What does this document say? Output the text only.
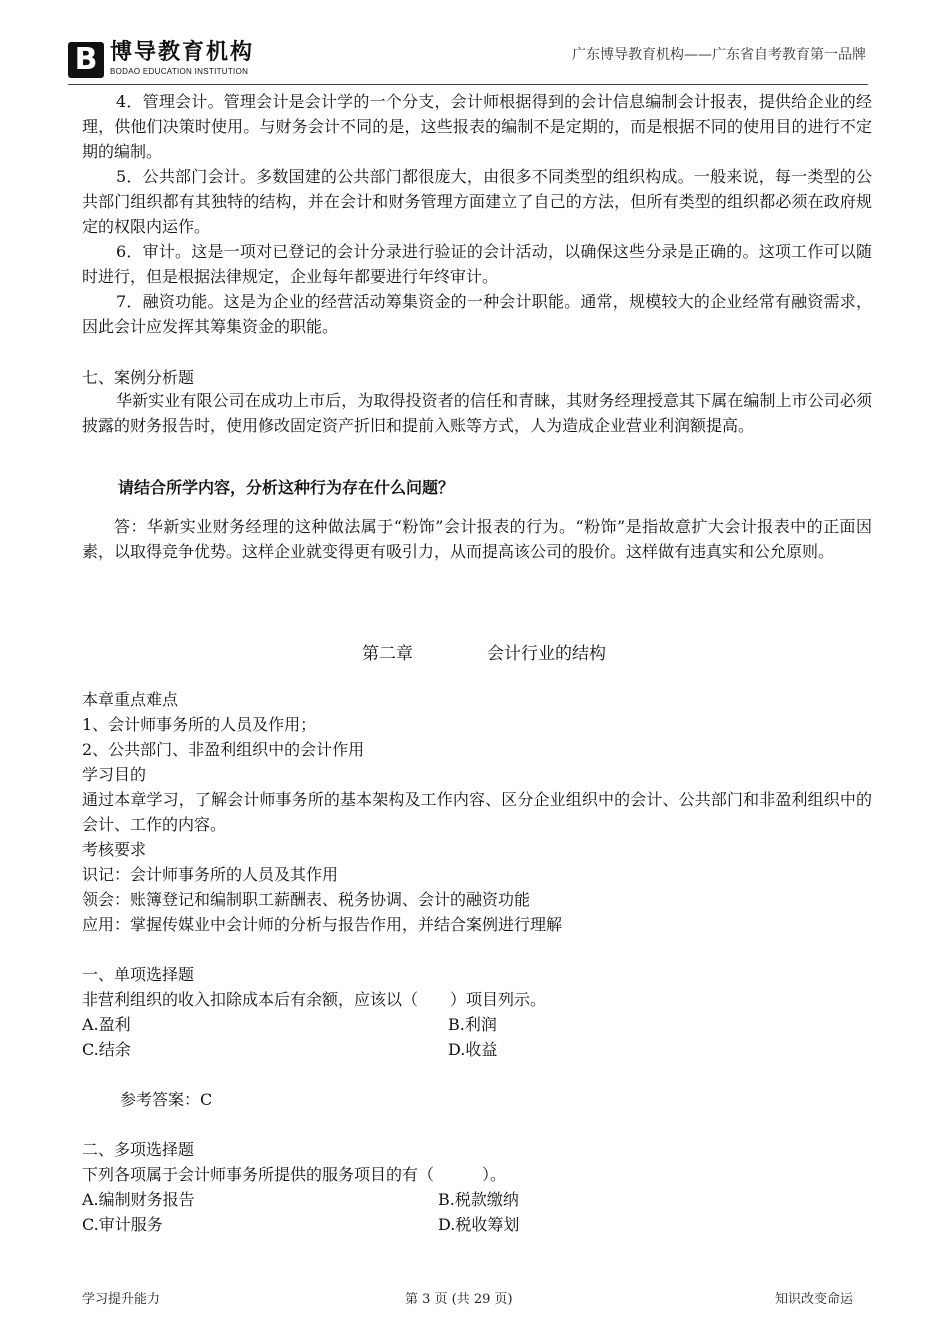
B 博导教育机构
BODAO EDUCATION INSTITUTION
广东博导教育机构——广东省自考教育第一品牌

4．管理会计。管理会计是会计学的一个分支，会计师根据得到的会计信息编制会计报表，提供给企业的经理，供他们决策时使用。与财务会计不同的是，这些报表的编制不是定期的，而是根据不同的使用目的进行不定期的编制。

5．公共部门会计。多数国建的公共部门都很庞大，由很多不同类型的组织构成。一般来说，每一类型的公共部门组织都有其独特的结构，并在会计和财务管理方面建立了自己的方法，但所有类型的组织都必须在政府规定的权限内运作。

6．审计。这是一项对已登记的会计分录进行验证的会计活动，以确保这些分录是正确的。这项工作可以随时进行，但是根据法律规定，企业每年都要进行年终审计。

7．融资功能。这是为企业的经营活动筹集资金的一种会计职能。通常，规模较大的企业经常有融资需求，因此会计应发挥其筹集资金的职能。

七、案例分析题

华新实业有限公司在成功上市后，为取得投资者的信任和青睐，其财务经理授意其下属在编制上市公司必须披露的财务报告时，使用修改固定资产折旧和提前入账等方式，人为造成企业营业利润额提高。

请结合所学内容，分析这种行为存在什么问题？

答：华新实业财务经理的这种做法属于“粉饰”会计报表的行为。“粉饰”是指故意扩大会计报表中的正面因素，以取得竞争优势。这样企业就变得更有吸引力，从而提高该公司的股价。这样做有违真实和公允原则。

第二章	会计行业的结构
本章重点难点
1、会计师事务所的人员及作用；
2、公共部门、非盈利组织中的会计作用
学习目的

通过本章学习，了解会计师事务所的基本架构及工作内容、区分企业组织中的会计、公共部门和非盈利组织中的会计、工作的内容。

考核要求
识记：会计师事务所的人员及其作用
领会：账簿登记和编制职工薪酬表、税务协调、会计的融资功能
应用：掌握传媒业中会计师的分析与报告作用，并结合案例进行理解
一、单项选择题
非营利组织的收入扣除成本后有余额，应该以（　　）项目列示。
A.盈利	B.利润
C.结余	D.收益
参考答案：C
二、多项选择题
下列各项属于会计师事务所提供的服务项目的有（　　　）。
A.编制财务报告	B.税款缴纳
C.审计服务	D.税收筹划
学习提升能力	第 3 页 (共 29 页)	知识改变命运
